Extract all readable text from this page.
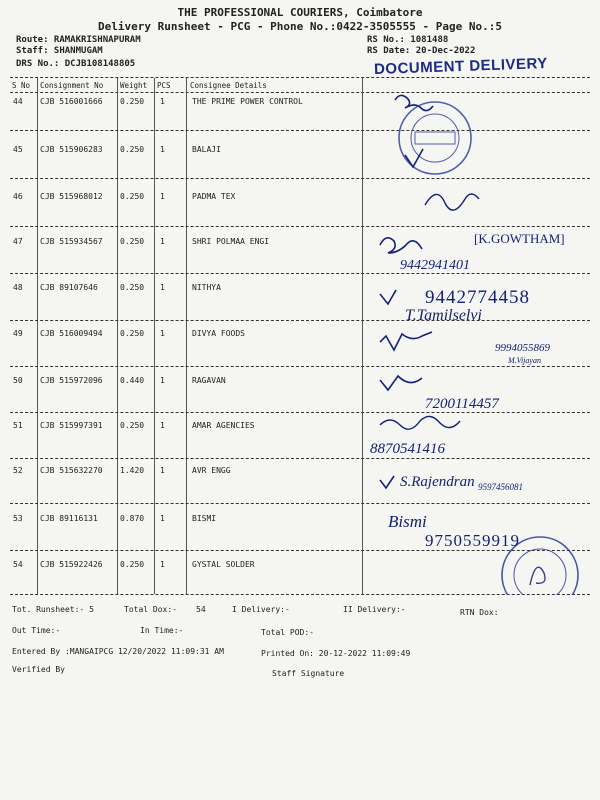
THE PROFESSIONAL COURIERS, Coimbatore
Delivery Runsheet - PCG - Phone No.:0422-3505555 - Page No.:5
Route: RAMAKRISHNAPURAM
Staff: SHANMUGAM
DRS No.: DCJB108148805
RS No.: 1081488
RS Date: 20-Dec-2022
DOCUMENT DELIVERY
S No Consignment No Weight PCS	Consignee Details
44 CJB 516001666 0.250 1	THE PRIME POWER CONTROL
45 CJB 515906283 0.250 1	BALAJI
46 CJB 515968012 0.250 1	PADMA TEX
47 CJB 515934567 0.250 1	SHRI POLMAA ENGI
48 CJB 89107646	0.250 1	NITHYA
49 CJB 516009494 0.250 1	DIVYA FOODS
50 CJB 515972096 0.440 1	RAGAVAN
51 CJB 515997391 0.250 1	AMAR AGENCIES
52 CJB 515632270 1.420 1	AVR ENGG
53 CJB 89116131	0.870 1	BISMI
54 CJB 515922426 0.250 1	GYSTAL SOLDER
[K.GOWTHAM]
9442941401
9442774458
T.Tamilselvi
9994055869
M.Vijayan
7200114457
8870541416
S.Rajendran 9597456081
Bismi
9750559919
Tot. Runsheet:- 5	Total Dox:- 54	I Delivery:-	II Delivery:-	RTN Dox:
Out Time:-	In Time:-	Total POD:-
Entered By :MANGAIPCG 12/20/2022 11:09:31 AM	Printed On: 20-12-2022 11:09:49
Verified By	Staff Signature
